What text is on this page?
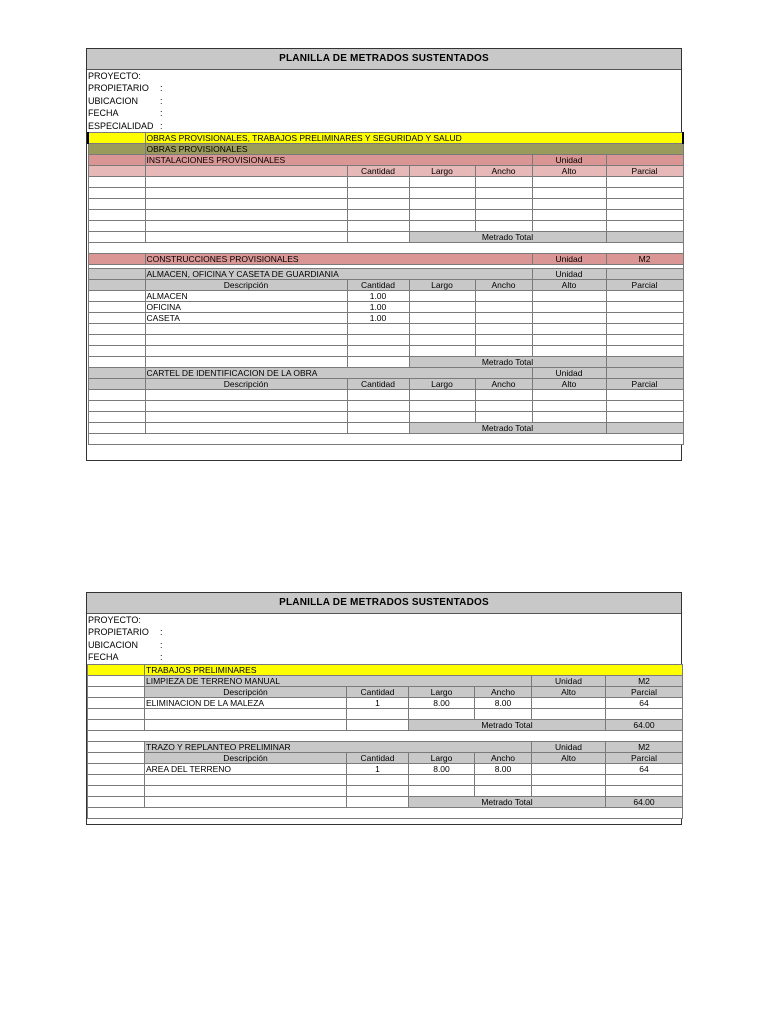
PLANILLA DE METRADOS SUSTENTADOS
PROYECTO:
PROPIETARIO :
UBICACION :
FECHA	:
ESPECIALIDAD :
	OBRAS PROVISIONALES, TRABAJOS PRELIMINARES Y SEGURIDAD Y SALUD					
	OBRAS PROVISIONALES					
	INSTALACIONES PROVISIONALES				Unidad	
		Cantidad	Largo	Ancho	Alto	Parcial

			Metrado Total			

	CONSTRUCCIONES PROVISIONALES				Unidad	M2

	ALMACEN, OFICINA Y CASETA DE GUARDIANIA				Unidad	
	Descripción	Cantidad	Largo	Ancho	Alto	Parcial
	ALMACEN	1.00				
	OFICINA	1.00				
	CASETA	1.00				

			Metrado Total			
	CARTEL DE IDENTIFICACION DE LA OBRA				Unidad	
	Descripción	Cantidad	Largo	Ancho	Alto	Parcial

			Metrado Total			

PLANILLA DE METRADOS SUSTENTADOS
PROYECTO:
PROPIETARIO :
UBICACION :
FECHA	:
	TRABAJOS PRELIMINARES					
	LIMPIEZA DE TERRENO MANUAL				Unidad	M2
	Descripción	Cantidad	Largo	Ancho	Alto	Parcial
	ELIMINACION DE LA MALEZA	1	8.00	8.00		64

			Metrado Total			64.00

	TRAZO Y REPLANTEO PRELIMINAR				Unidad	M2
	Descripción	Cantidad	Largo	Ancho	Alto	Parcial
	AREA DEL TERRENO	1	8.00	8.00		64

			Metrado Total			64.00
